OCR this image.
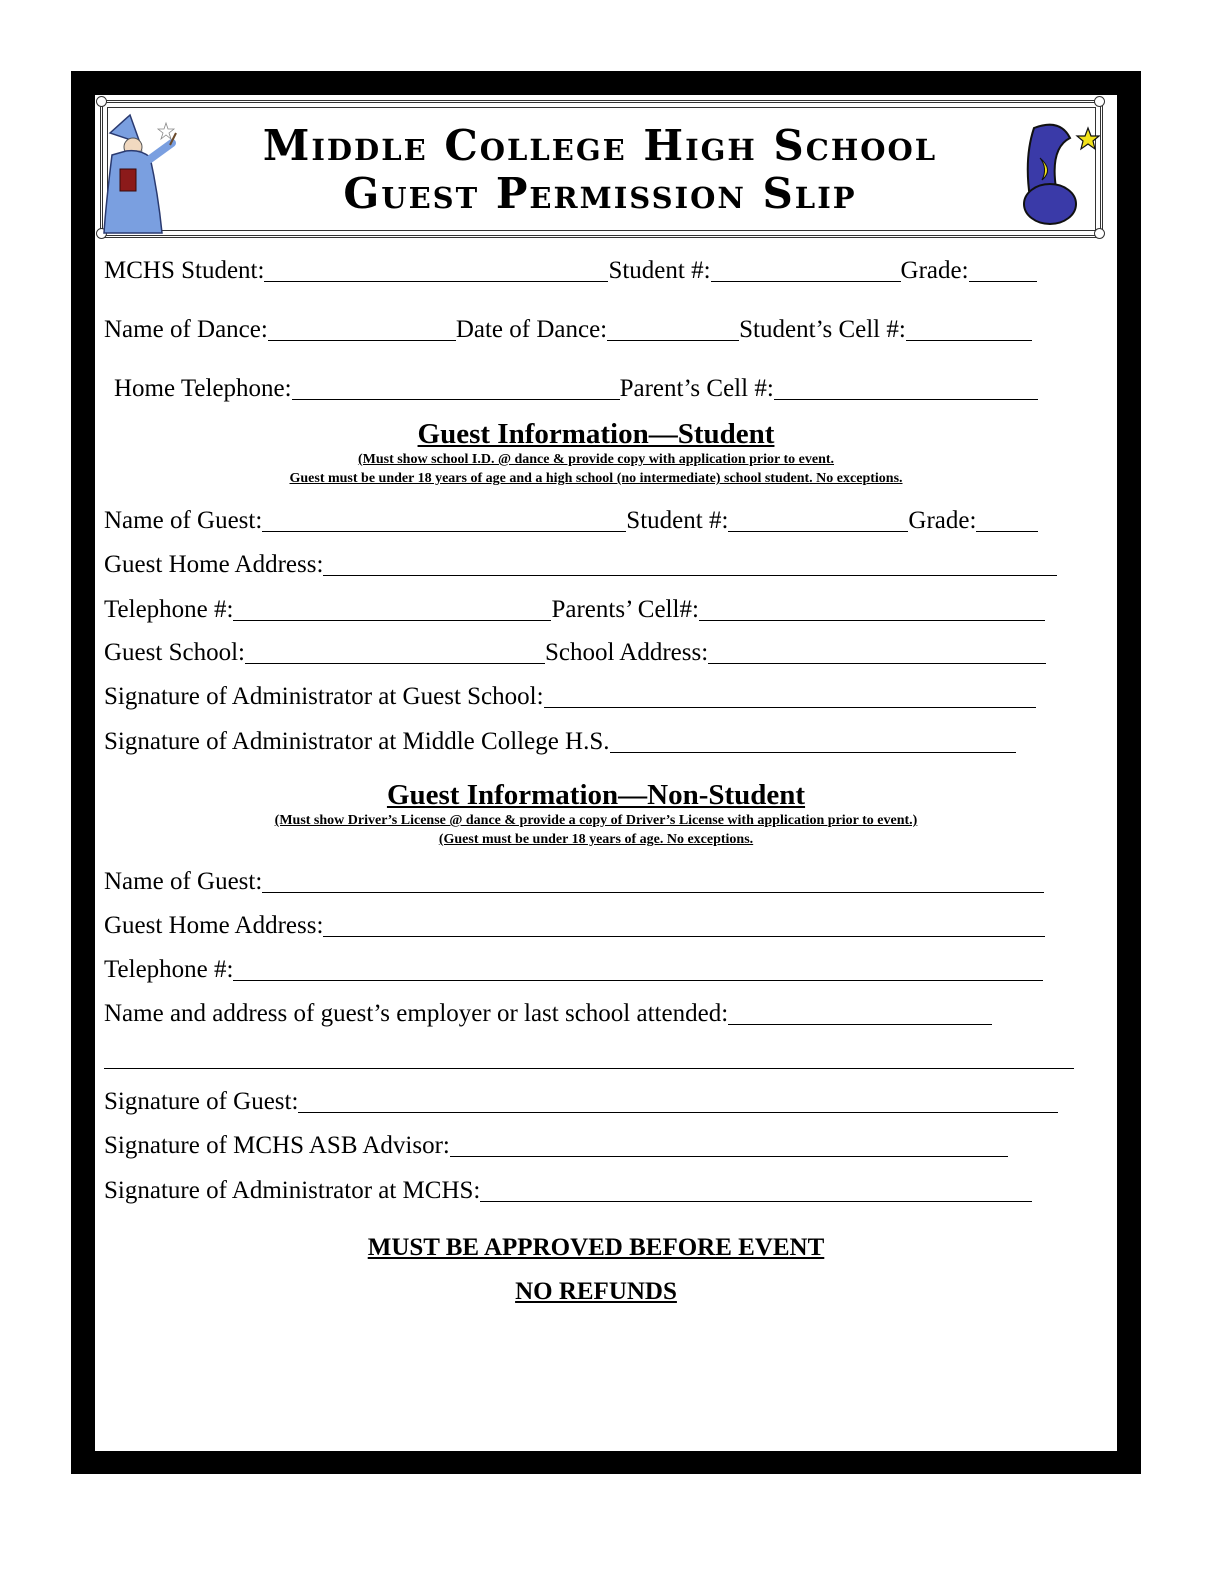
Middle College High School
Guest Permission Slip
MCHS Student:	Student #:	Grade:
Name of Dance:	Date of Dance:	Student’s Cell #:
Home Telephone:	Parent’s Cell #:
Guest Information—Student
(Must show school I.D. @ dance & provide copy with application prior to event.
Guest must be under 18 years of age and a high school (no intermediate) school student. No exceptions.
Name of Guest:	Student #:	Grade:
Guest Home Address:
Telephone #:	Parents’ Cell#:
Guest School:	School Address:
Signature of Administrator at Guest School:
Signature of Administrator at Middle College H.S.
Guest Information—Non-Student
(Must show Driver’s License @ dance & provide a copy of Driver’s License with application prior to event.)
(Guest must be under 18 years of age. No exceptions.
Name of Guest:
Guest Home Address:
Telephone #:
Name and address of guest’s employer or last school attended:
Signature of Guest:
Signature of MCHS ASB Advisor:
Signature of Administrator at MCHS:
MUST BE APPROVED BEFORE EVENT
NO REFUNDS
